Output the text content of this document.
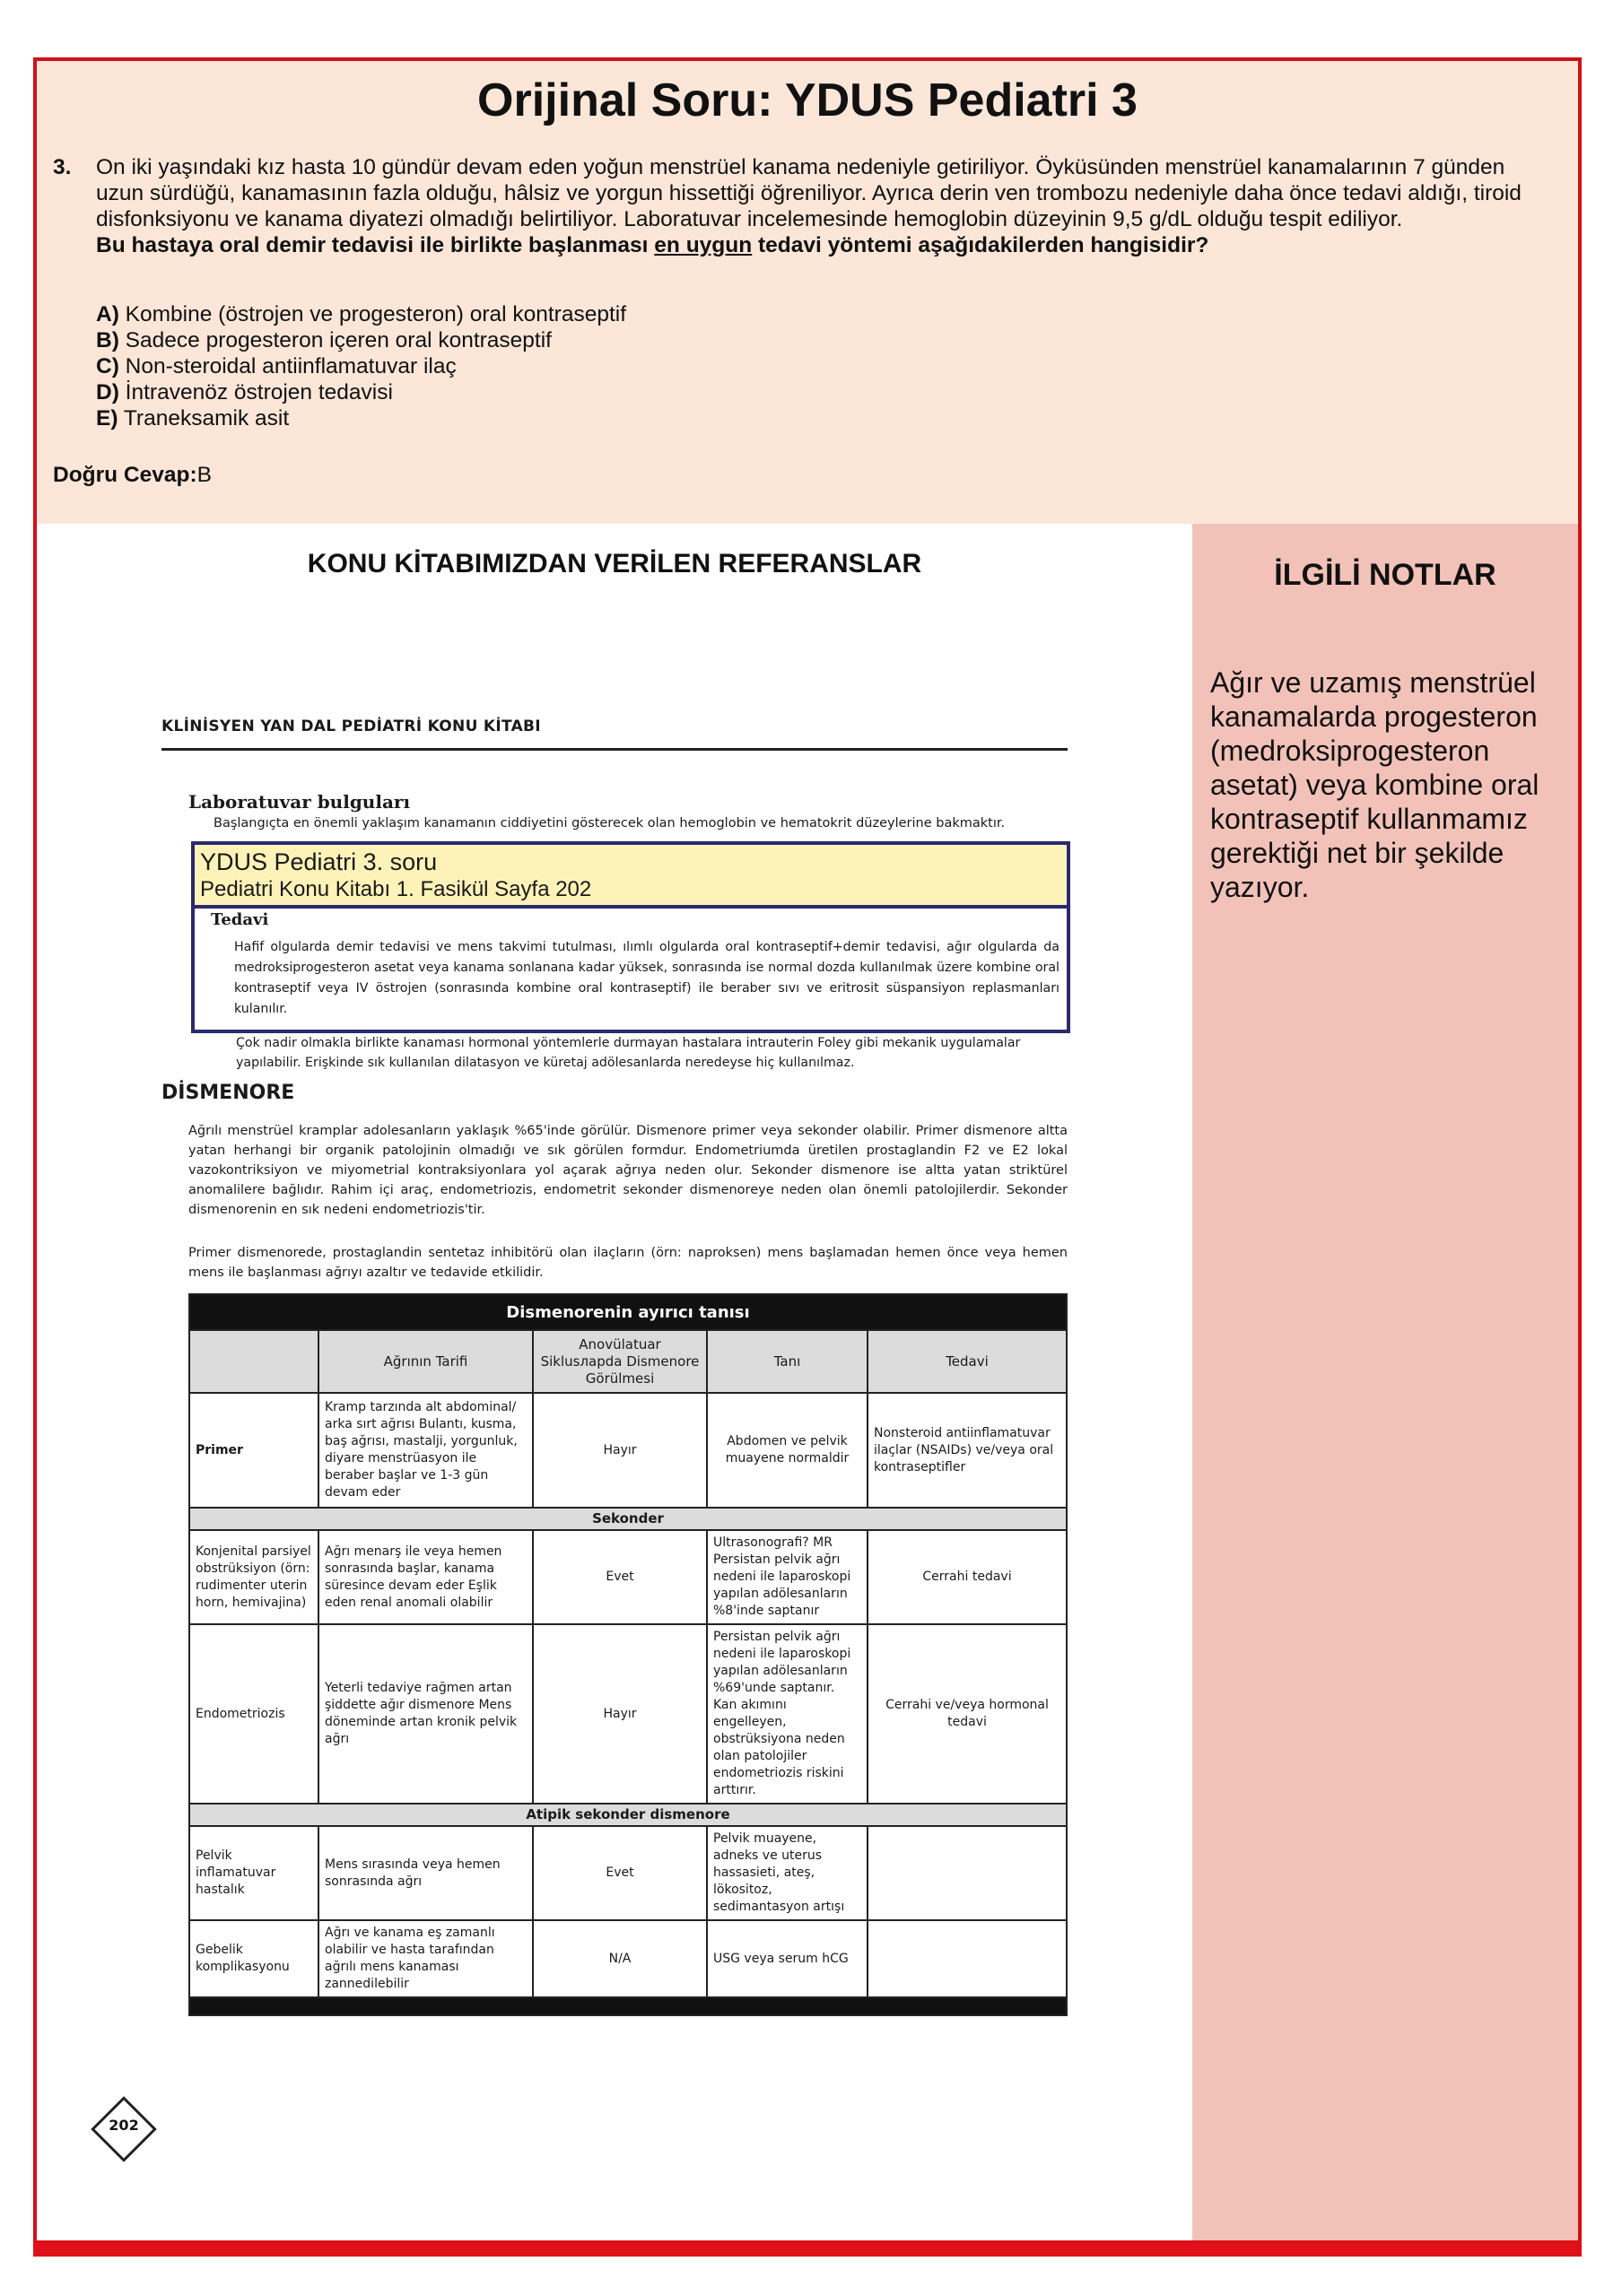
Orijinal Soru: YDUS Pediatri 3
3. On iki yaşındaki kız hasta 10 gündür devam eden yoğun menstrüel kanama nedeniyle getiriliyor. Öyküsünden menstrüel kanamalarının 7 günden uzun sürdüğü, kanamasının fazla olduğu, hâlsiz ve yorgun hissettiği öğreniliyor. Ayrıca derin ven trombozu nedeniyle daha önce tedavi aldığı, tiroid disfonksiyonu ve kanama diyatezi olmadığı belirtiliyor. Laboratuvar incelemesinde hemoglobin düzeyinin 9,5 g/dL olduğu tespit ediliyor.
Bu hastaya oral demir tedavisi ile birlikte başlanması en uygun tedavi yöntemi aşağıdakilerden hangisidir?
A) Kombine (östrojen ve progesteron) oral kontraseptif
B) Sadece progesteron içeren oral kontraseptif
C) Non-steroidal antiinflamatuvar ilaç
D) İntravenöz östrojen tedavisi
E) Traneksamik asit
Doğru Cevap:B
KONU KİTABIMIZDAN VERİLEN REFERANSLAR	İLGİLİ NOTLAR
Ağır ve uzamış menstrüel kanamalarda progesteron (medroksiprogesteron asetat) veya kombine oral kontraseptif kullanmamız gerektiği net bir şekilde yazıyor.
KLİNİSYEN YAN DAL PEDİATRİ KONU KİTABI
Laboratuvar bulguları
Başlangıçta en önemli yaklaşım kanamanın ciddiyetini gösterecek olan hemoglobin ve hematokrit düzeylerine bakmaktır.
YDUS Pediatri 3. soru
Pediatri Konu Kitabı 1. Fasikül Sayfa 202
Tedavi
Hafif olgularda demir tedavisi ve mens takvimi tutulması, ılımlı olgularda oral kontraseptif+demir tedavisi, ağır olgularda da medroksiprogesteron asetat veya kanama sonlanana kadar yüksek, sonrasında ise normal dozda kullanılmak üzere kombine oral kontraseptif veya IV östrojen (sonrasında kombine oral kontraseptif) ile beraber sıvı ve eritrosit süspansiyon replasmanları kulanılır.
Çok nadir olmakla birlikte kanaması hormonal yöntemlerle durmayan hastalara intrauterin Foley gibi mekanik uygulamalar yapılabilir. Erişkinde sık kullanılan dilatasyon ve küretaj adölesanlarda neredeyse hiç kullanılmaz.
DİSMENORE
Ağrılı menstrüel kramplar adolesanların yaklaşık %65'inde görülür. Dismenore primer veya sekonder olabilir. Primer dismenore altta yatan herhangi bir organik patolojinin olmadığı ve sık görülen formdur. Endometriumda üretilen prostaglandin F2 ve E2 lokal vazokontriksiyon ve miyometrial kontraksiyonlara yol açarak ağrıya neden olur. Sekonder dismenore ise altta yatan striktürel anomalilere bağlıdır. Rahim içi araç, endometriozis, endometrit sekonder dismenoreye neden olan önemli patolojilerdir. Sekonder dismenorenin en sık nedeni endometriozis'tir.
Primer dismenorede, prostaglandin sentetaz inhibitörü olan ilaçların (örn: naproksen) mens başlamadan hemen önce veya hemen mens ile başlanması ağrıyı azaltır ve tedavide etkilidir.
Dismenorenin ayırıcı tanısı				
	Ağrının Tarifi	Anovülatuar Siklusларda Dismenore Görülmesi	Tanı	Tedavi
Primer	Kramp tarzında alt abdominal/ arka sırt ağrısı Bulantı, kusma, baş ağrısı, mastalji, yorgunluk, diyare menstrüasyon ile beraber başlar ve 1-3 gün devam eder	Hayır	Abdomen ve pelvik muayene normaldir	Nonsteroid antiinflamatuvar ilaçlar (NSAIDs) ve/veya oral kontraseptifler
Sekonder				
Konjenital parsiyel obstrüksiyon (örn: rudimenter uterin horn, hemivajina)	Ağrı menarş ile veya hemen sonrasında başlar, kanama süresince devam eder Eşlik eden renal anomali olabilir	Evet	Ultrasonografi? MR Persistan pelvik ağrı nedeni ile laparoskopi yapılan adölesanların %8'inde saptanır	Cerrahi tedavi
Endometriozis	Yeterli tedaviye rağmen artan şiddette ağır dismenore Mens döneminde artan kronik pelvik ağrı	Hayır	Persistan pelvik ağrı nedeni ile laparoskopi yapılan adölesanların %69'unde saptanır. Kan akımını engelleyen, obstrüksiyona neden olan patolojiler endometriozis riskini arttırır.	Cerrahi ve/veya hormonal tedavi
Atipik sekonder dismenore				
Pelvik inflamatuvar hastalık	Mens sırasında veya hemen sonrasında ağrı	Evet	Pelvik muayene, adneks ve uterus hassasieti, ateş, lökositoz, sedimantasyon artışı	
Gebelik komplikasyonu	Ağrı ve kanama eş zamanlı olabilir ve hasta tarafından ağrılı mens kanaması zannedilebilir	N/A	USG veya serum hCG	

202
